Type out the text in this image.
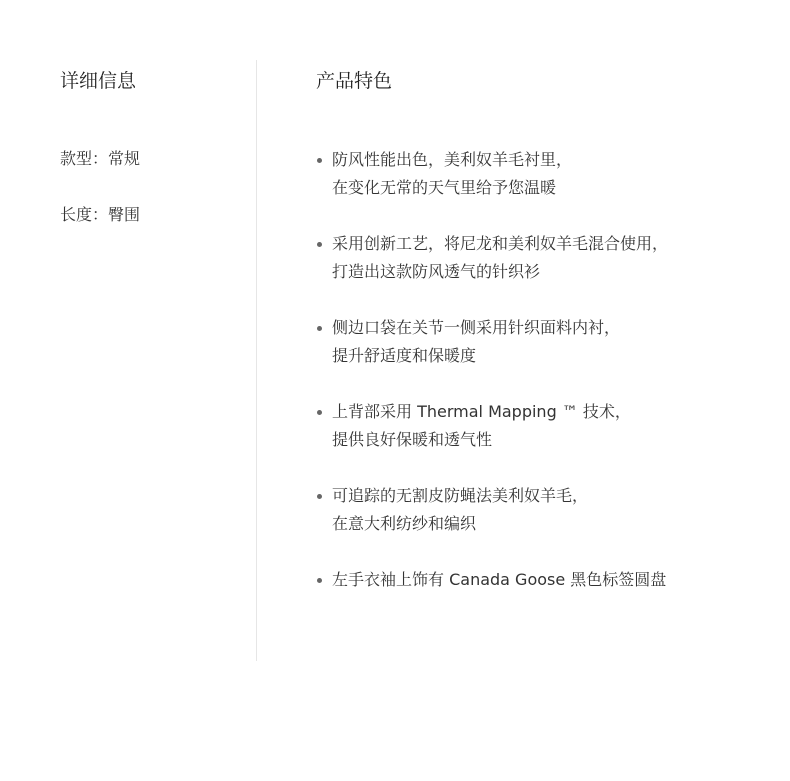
详细信息
款型：常规
长度：臀围
产品特色
防风性能出色，美利奴羊毛衬里，
在变化无常的天气里给予您温暖
采用创新工艺，将尼龙和美利奴羊毛混合使用，
打造出这款防风透气的针织衫
侧边口袋在关节一侧采用针织面料内衬，
提升舒适度和保暖度
上背部采用 Thermal Mapping ™ 技术，
提供良好保暖和透气性
可追踪的无割皮防蝇法美利奴羊毛，
在意大利纺纱和编织
左手衣袖上饰有 Canada Goose 黑色标签圆盘
